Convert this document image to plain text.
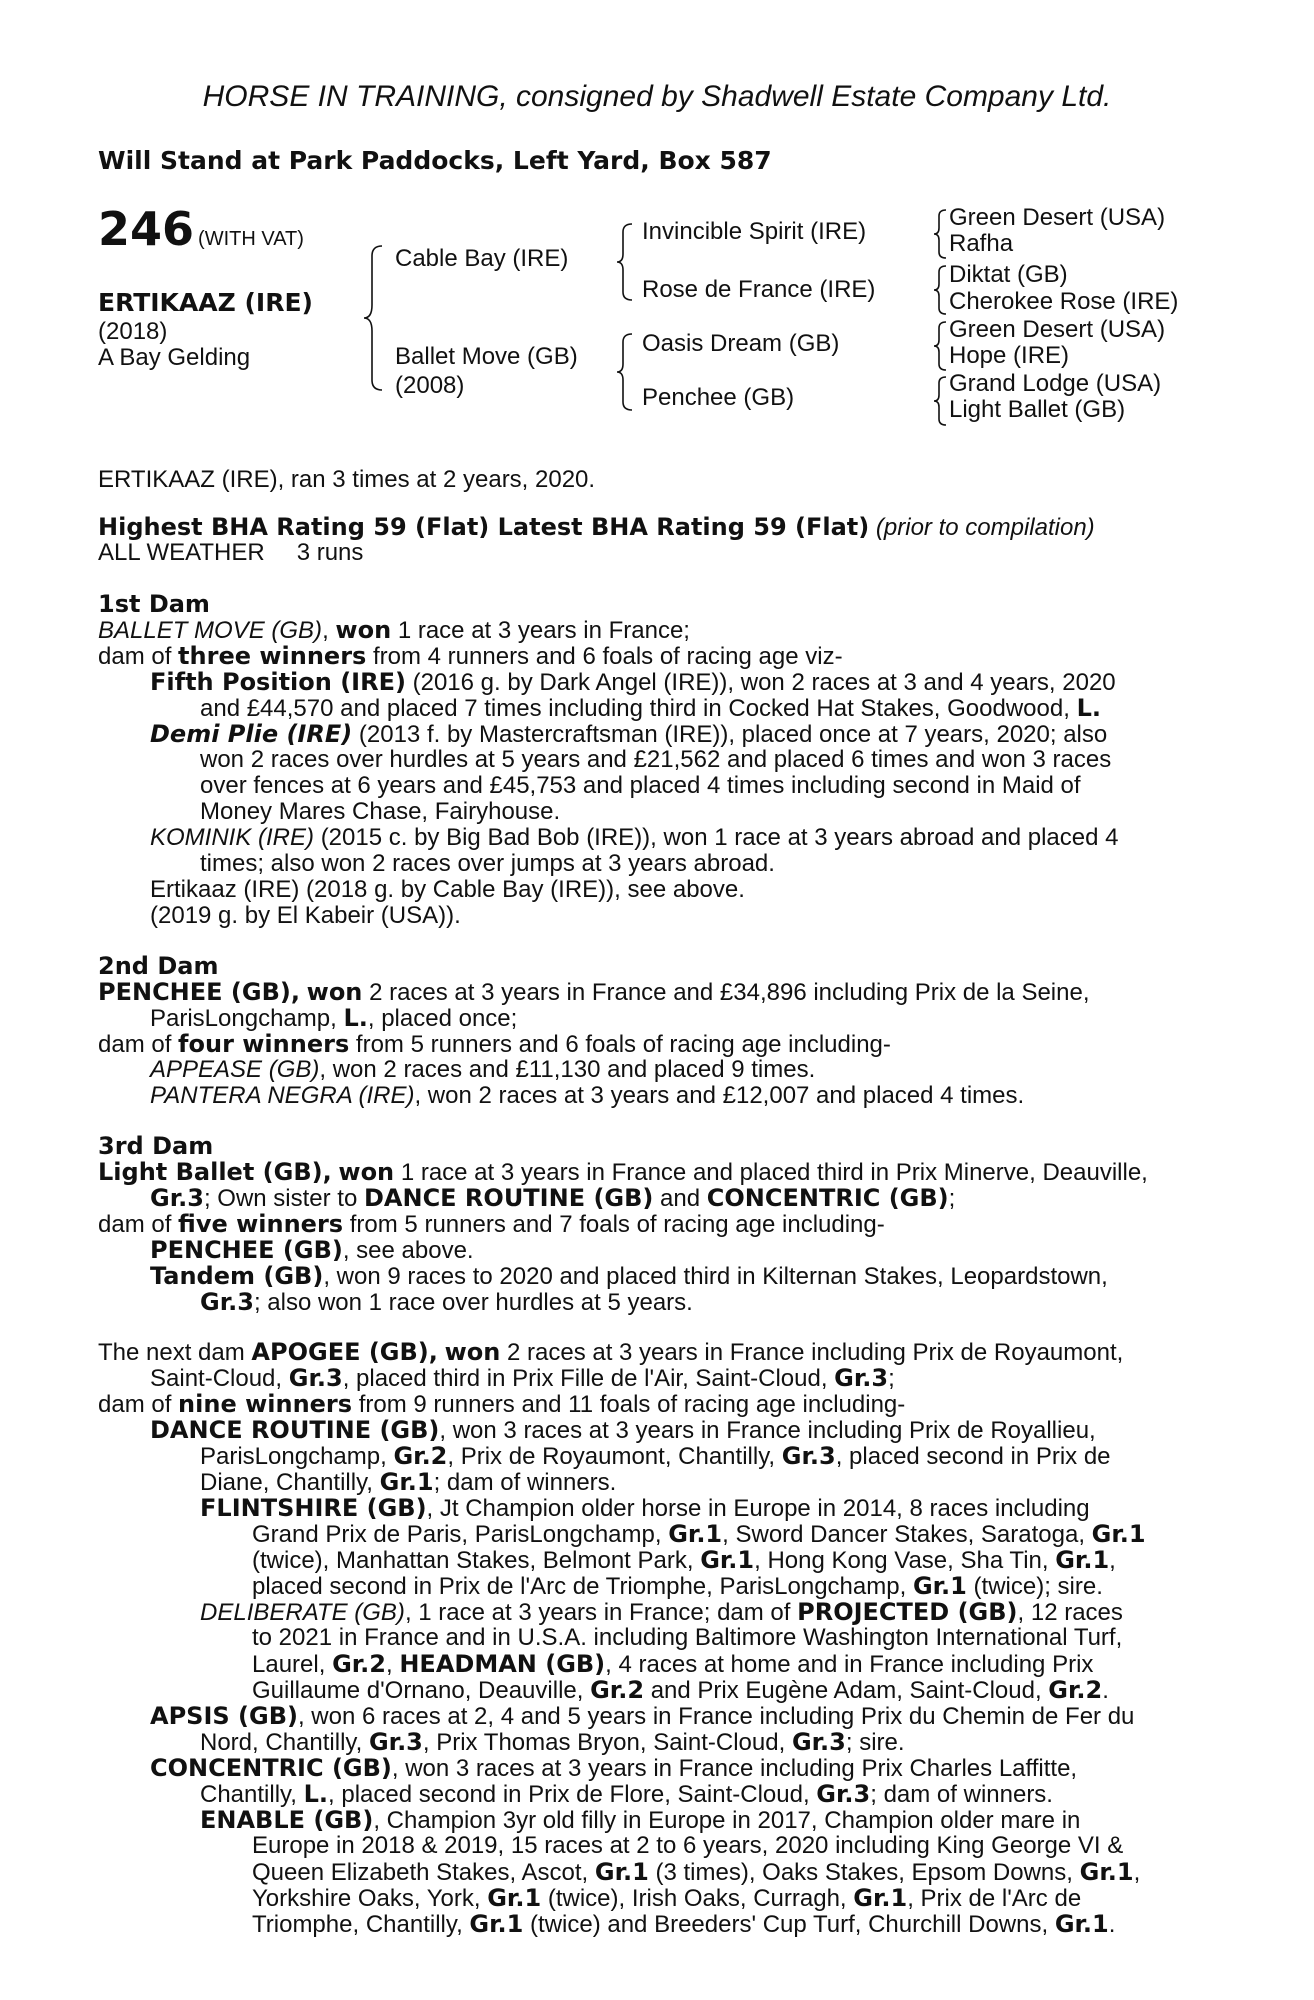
HORSE IN TRAINING, consigned by Shadwell Estate Company Ltd.
Will Stand at Park Paddocks, Left Yard, Box 587
246 (WITH VAT)
ERTIKAAZ (IRE)
(2018)
A Bay Gelding
Cable Bay (IRE)
Ballet Move (GB)
(2008)
Invincible Spirit (IRE)
Rose de France (IRE)
Oasis Dream (GB)
Penchee (GB)
Green Desert (USA)
Rafha
Diktat (GB)
Cherokee Rose (IRE)
Green Desert (USA)
Hope (IRE)
Grand Lodge (USA)
Light Ballet (GB)
ERTIKAAZ (IRE), ran 3 times at 2 years, 2020.
Highest BHA Rating 59 (Flat) Latest BHA Rating 59 (Flat) (prior to compilation)
ALL WEATHER 3 runs
1st Dam
BALLET MOVE (GB), won 1 race at 3 years in France;
dam of three winners from 4 runners and 6 foals of racing age viz-
Fifth Position (IRE) (2016 g. by Dark Angel (IRE)), won 2 races at 3 and 4 years, 2020
and £44,570 and placed 7 times including third in Cocked Hat Stakes, Goodwood, L.
Demi Plie (IRE) (2013 f. by Mastercraftsman (IRE)), placed once at 7 years, 2020; also
won 2 races over hurdles at 5 years and £21,562 and placed 6 times and won 3 races
over fences at 6 years and £45,753 and placed 4 times including second in Maid of
Money Mares Chase, Fairyhouse.
KOMINIK (IRE) (2015 c. by Big Bad Bob (IRE)), won 1 race at 3 years abroad and placed 4
times; also won 2 races over jumps at 3 years abroad.
Ertikaaz (IRE) (2018 g. by Cable Bay (IRE)), see above.
(2019 g. by El Kabeir (USA)).
2nd Dam
PENCHEE (GB), won 2 races at 3 years in France and £34,896 including Prix de la Seine,
ParisLongchamp, L., placed once;
dam of four winners from 5 runners and 6 foals of racing age including-
APPEASE (GB), won 2 races and £11,130 and placed 9 times.
PANTERA NEGRA (IRE), won 2 races at 3 years and £12,007 and placed 4 times.
3rd Dam
Light Ballet (GB), won 1 race at 3 years in France and placed third in Prix Minerve, Deauville,
Gr.3; Own sister to DANCE ROUTINE (GB) and CONCENTRIC (GB);
dam of five winners from 5 runners and 7 foals of racing age including-
PENCHEE (GB), see above.
Tandem (GB), won 9 races to 2020 and placed third in Kilternan Stakes, Leopardstown,
Gr.3; also won 1 race over hurdles at 5 years.
The next dam APOGEE (GB), won 2 races at 3 years in France including Prix de Royaumont,
Saint-Cloud, Gr.3, placed third in Prix Fille de l'Air, Saint-Cloud, Gr.3;
dam of nine winners from 9 runners and 11 foals of racing age including-
DANCE ROUTINE (GB), won 3 races at 3 years in France including Prix de Royallieu,
ParisLongchamp, Gr.2, Prix de Royaumont, Chantilly, Gr.3, placed second in Prix de
Diane, Chantilly, Gr.1; dam of winners.
FLINTSHIRE (GB), Jt Champion older horse in Europe in 2014, 8 races including
Grand Prix de Paris, ParisLongchamp, Gr.1, Sword Dancer Stakes, Saratoga, Gr.1
(twice), Manhattan Stakes, Belmont Park, Gr.1, Hong Kong Vase, Sha Tin, Gr.1,
placed second in Prix de l'Arc de Triomphe, ParisLongchamp, Gr.1 (twice); sire.
DELIBERATE (GB), 1 race at 3 years in France; dam of PROJECTED (GB), 12 races
to 2021 in France and in U.S.A. including Baltimore Washington International Turf,
Laurel, Gr.2, HEADMAN (GB), 4 races at home and in France including Prix
Guillaume d'Ornano, Deauville, Gr.2 and Prix Eugène Adam, Saint-Cloud, Gr.2.
APSIS (GB), won 6 races at 2, 4 and 5 years in France including Prix du Chemin de Fer du
Nord, Chantilly, Gr.3, Prix Thomas Bryon, Saint-Cloud, Gr.3; sire.
CONCENTRIC (GB), won 3 races at 3 years in France including Prix Charles Laffitte,
Chantilly, L., placed second in Prix de Flore, Saint-Cloud, Gr.3; dam of winners.
ENABLE (GB), Champion 3yr old filly in Europe in 2017, Champion older mare in
Europe in 2018 & 2019, 15 races at 2 to 6 years, 2020 including King George VI &
Queen Elizabeth Stakes, Ascot, Gr.1 (3 times), Oaks Stakes, Epsom Downs, Gr.1,
Yorkshire Oaks, York, Gr.1 (twice), Irish Oaks, Curragh, Gr.1, Prix de l'Arc de
Triomphe, Chantilly, Gr.1 (twice) and Breeders' Cup Turf, Churchill Downs, Gr.1.
